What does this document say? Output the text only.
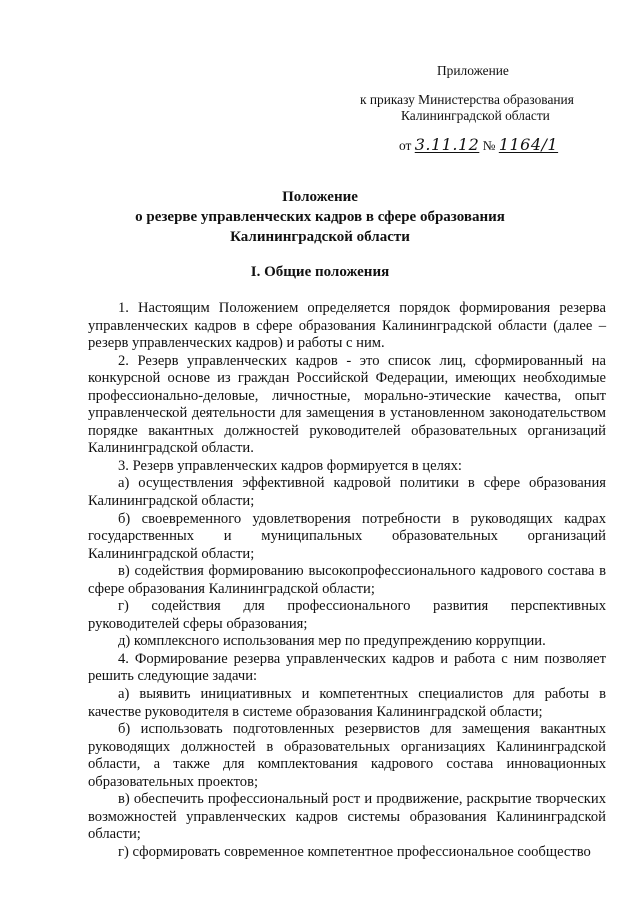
Приложение
к приказу Министерства образования
Калининградской области
от 3.11.12 № 1164/1
Положение
о резерве управленческих кадров в сфере образования
Калининградской области
I. Общие положения

1. Настоящим Положением определяется порядок формирования резерва управленческих кадров в сфере образования Калининградской области (далее – резерв управленческих кадров) и работы с ним.

2. Резерв управленческих кадров - это список лиц, сформированный на конкурсной основе из граждан Российской Федерации, имеющих необходимые профессионально-деловые, личностные, морально-этические качества, опыт управленческой деятельности для замещения в установленном законодательством порядке вакантных должностей руководителей образовательных организаций Калининградской области.

3. Резерв управленческих кадров формируется в целях:

а) осуществления эффективной кадровой политики в сфере образования Калининградской области;

б) своевременного удовлетворения потребности в руководящих кадрах государственных и муниципальных образовательных организаций Калининградской области;

в) содействия формированию высокопрофессионального кадрового состава в сфере образования Калининградской области;

г) содействия для профессионального развития перспективных руководителей сферы образования;

д) комплексного использования мер по предупреждению коррупции.

4. Формирование резерва управленческих кадров и работа с ним позволяет решить следующие задачи:

а) выявить инициативных и компетентных специалистов для работы в качестве руководителя в системе образования Калининградской области;

б) использовать подготовленных резервистов для замещения вакантных руководящих должностей в образовательных организациях Калининградской области, а также для комплектования кадрового состава инновационных образовательных проектов;

в) обеспечить профессиональный рост и продвижение, раскрытие творческих возможностей управленческих кадров системы образования Калининградской области;

г) сформировать современное компетентное профессиональное сообщество
